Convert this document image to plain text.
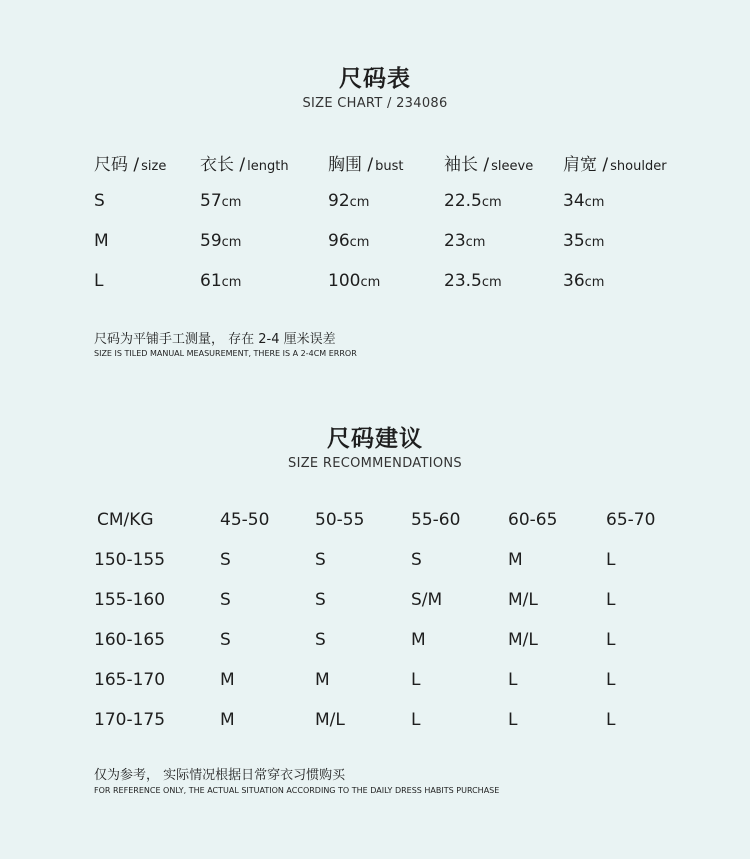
尺码表
SIZE CHART / 234086
尺码 / size 衣长 / length 胸围 / bust 袖长 / sleeve 肩宽 / shoulder
S	57cm	92cm	22.5cm	34cm
M	59cm	96cm	23cm	35cm
L	61cm	100cm	23.5cm	36cm
尺码为平铺手工测量， 存在 2-4 厘米误差
SIZE IS TILED MANUAL MEASUREMENT, THERE IS A 2-4CM ERROR
尺码建议
SIZE RECOMMENDATIONS
CM/KG	45-50	50-55	55-60	60-65	65-70
150-155	S	S	S	M	L
155-160	S	S	S/M	M/L	L
160-165	S	S	M	M/L	L
165-170	M	M	L	L	L
170-175	M	M/L	L	L	L
仅为参考， 实际情况根据日常穿衣习惯购买
FOR REFERENCE ONLY, THE ACTUAL SITUATION ACCORDING TO THE DAILY DRESS HABITS PURCHASE
